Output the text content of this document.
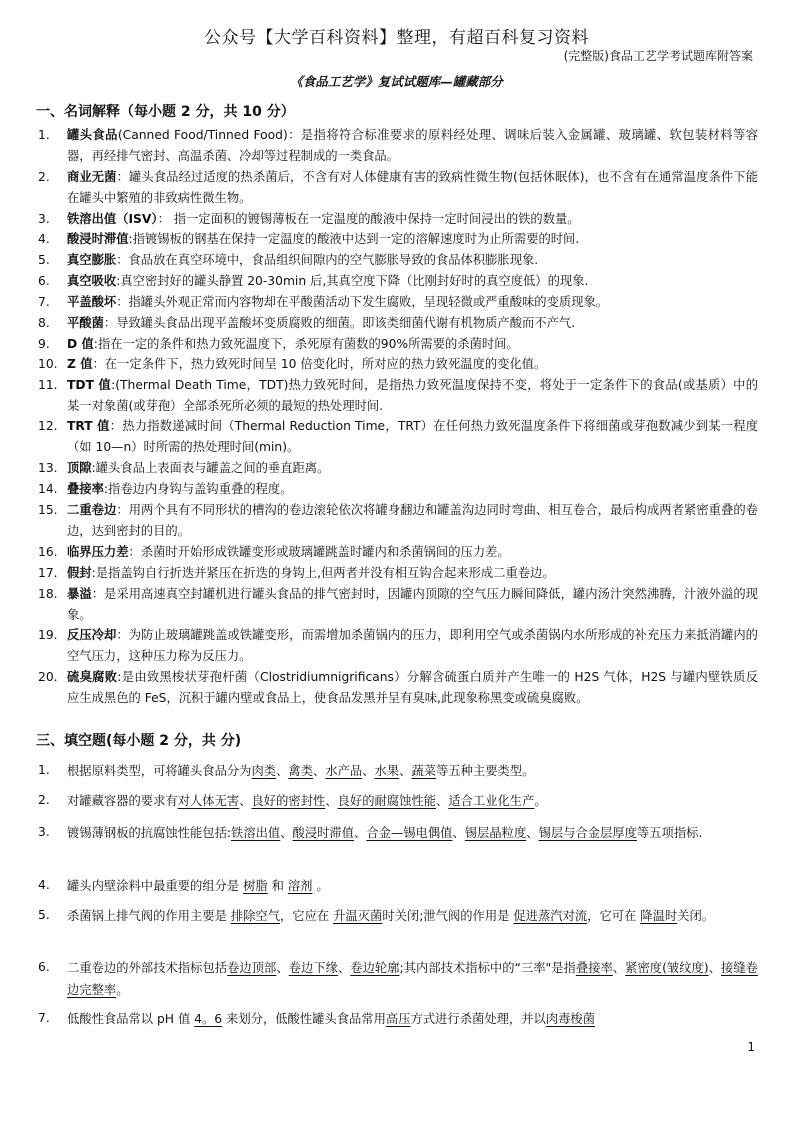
公众号【大学百科资料】整理，有超百科复习资料
(完整版)食品工艺学考试题库附答案
《食品工艺学》复试试题库—罐藏部分
一、名词解释（每小题 2 分，共 10 分）
1.	罐头食品(Canned Food/Tinned Food)：是指将符合标准要求的原料经处理、调味后装入金属罐、玻璃罐、软包装材料等容器，再经排气密封、高温杀菌、冷却等过程制成的一类食品。
2.	商业无菌：罐头食品经过适度的热杀菌后，不含有对人体健康有害的致病性微生物(包括休眠体)，也不含有在通常温度条件下能在罐头中繁殖的非致病性微生物。
3.	铁溶出值（ISV）： 指一定面积的镀锡薄板在一定温度的酸液中保持一定时间浸出的铁的数量。
4.	酸浸时滞值:指镀锡板的钢基在保持一定温度的酸液中达到一定的溶解速度时为止所需要的时间.
5.	真空膨胀：食品放在真空环境中，食品组织间隙内的空气膨胀导致的食品体积膨胀现象.
6.	真空吸收:真空密封好的罐头静置 20-30min 后,其真空度下降（比刚封好时的真空度低）的现象.
7.	平盖酸坏：指罐头外观正常而内容物却在平酸菌活动下发生腐败，呈现轻微或严重酸味的变质现象。
8.	平酸菌：导致罐头食品出现平盖酸坏变质腐败的细菌。即该类细菌代谢有机物质产酸而不产气.
9.	D 值:指在一定的条件和热力致死温度下，杀死原有菌数的90%所需要的杀菌时间。
10. Z 值：在一定条件下，热力致死时间呈 10 倍变化时，所对应的热力致死温度的变化值。
11. TDT 值:(Thermal Death Time，TDT)热力致死时间，是指热力致死温度保持不变，将处于一定条件下的食品(或基质）中的某一对象菌(或芽孢）全部杀死所必须的最短的热处理时间.
12. TRT 值：热力指数递减时间（Thermal Reduction Time，TRT）在任何热力致死温度条件下将细菌或芽孢数减少到某一程度（如 10—n）时所需的热处理时间(min)。
13. 顶隙:罐头食品上表面表与罐盖之间的垂直距离。
14. 叠接率:指卷边内身钩与盖钩重叠的程度。
15. 二重卷边：用两个具有不同形状的槽沟的卷边滚轮依次将罐身翻边和罐盖沟边同时弯曲、相互卷合，最后构成两者紧密重叠的卷边，达到密封的目的。
16. 临界压力差：杀菌时开始形成铁罐变形或玻璃罐跳盖时罐内和杀菌锅间的压力差。
17. 假封:是指盖钩自行折迭并紧压在折迭的身钩上,但两者并没有相互钩合起来形成二重卷边。
18. 暴溢：是采用高速真空封罐机进行罐头食品的排气密封时，因罐内顶隙的空气压力瞬间降低，罐内汤汁突然沸腾，汁液外溢的现象。
19. 反压冷却：为防止玻璃罐跳盖或铁罐变形，而需增加杀菌锅内的压力，即利用空气或杀菌锅内水所形成的补充压力来抵消罐内的空气压力，这种压力称为反压力。
20. 硫臭腐败:是由致黑梭状芽孢杆菌（Clostridiumnigrificans）分解含硫蛋白质并产生唯一的 H2S 气体，H2S 与罐内壁铁质反应生成黑色的 FeS，沉积于罐内壁或食品上，使食品发黑并呈有臭味,此现象称黑变或硫臭腐败。
三、填空题(每小题 2 分，共 分)
1.	根据原料类型，可将罐头食品分为肉类、禽类、水产品、水果、蔬菜等五种主要类型。
2.	对罐藏容器的要求有对人体无害、良好的密封性、良好的耐腐蚀性能、适合工业化生产。
3.	镀锡薄钢板的抗腐蚀性能包括:铁溶出值、酸浸时滞值、合金—锡电偶值、锡层晶粒度、锡层与合金层厚度等五项指标.
4.	罐头内壁涂料中最重要的组分是 树脂 和 溶剂 。
5.	杀菌锅上排气阀的作用主要是 排除空气，它应在 升温灭菌时关闭;泄气阀的作用是 促进蒸汽对流，它可在 降温时关闭。
6.	二重卷边的外部技术指标包括卷边顶部、卷边下缘、卷边轮廓;其内部技术指标中的“三率"是指叠接率、紧密度(皱纹度)、接缝卷边完整率。
7.	低酸性食品常以 pH 值 4。6 来划分，低酸性罐头食品常用高压方式进行杀菌处理，并以肉毒梭菌
1
